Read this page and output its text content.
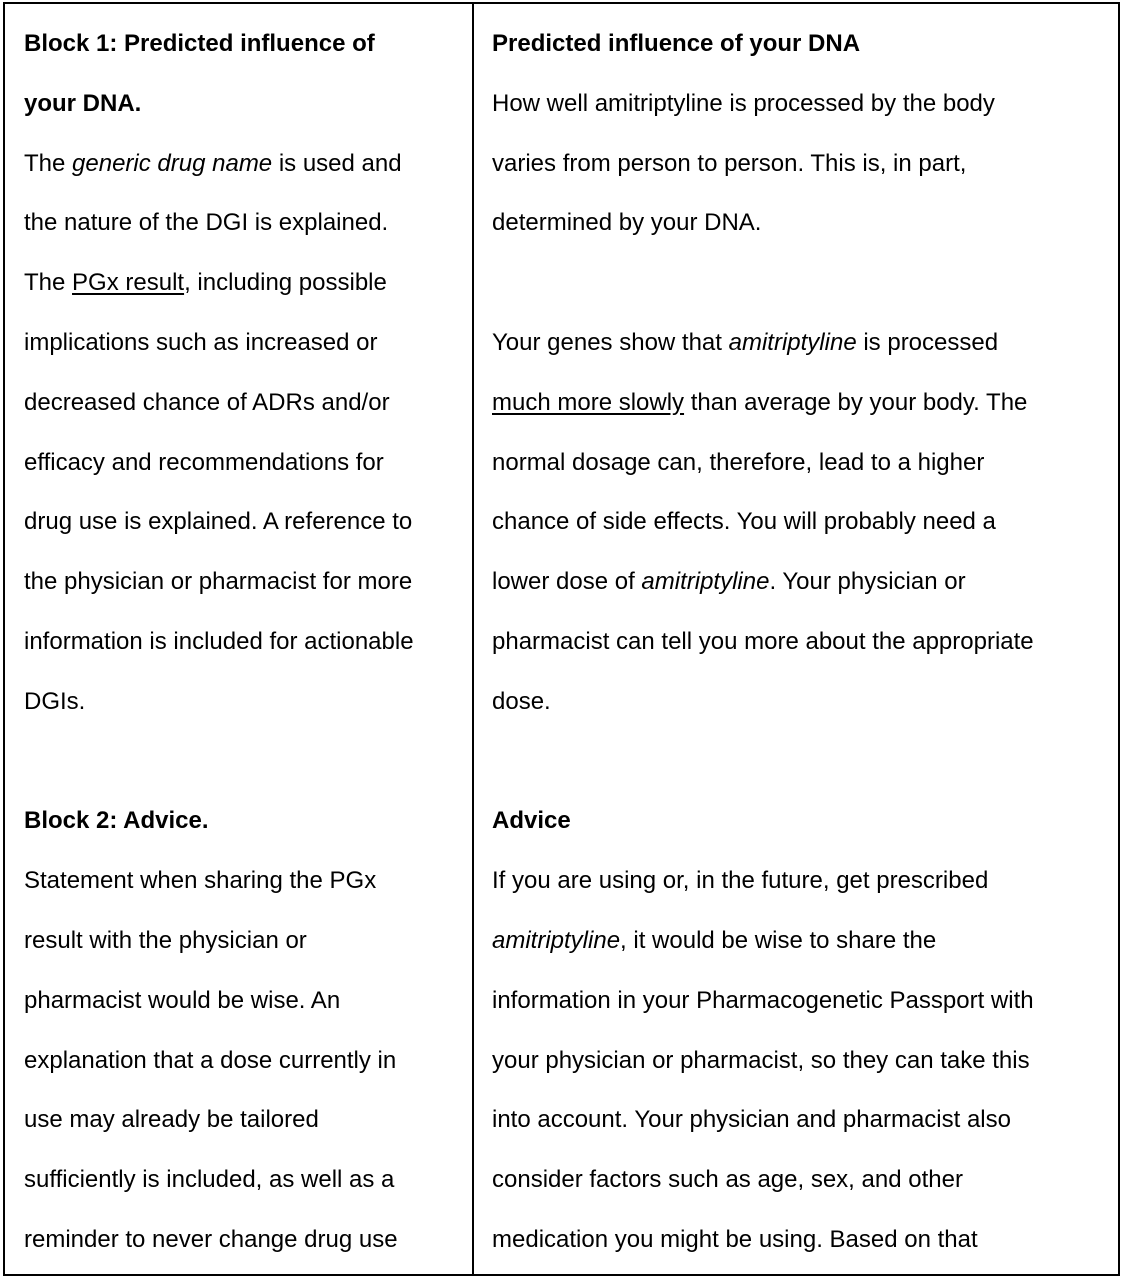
Block 1: Predicted influence of
your DNA.
The generic drug name is used and
the nature of the DGI is explained.
The PGx result, including possible
implications such as increased or
decreased chance of ADRs and/or
efficacy and recommendations for
drug use is explained. A reference to
the physician or pharmacist for more
information is included for actionable
DGIs.
Block 2: Advice.
Statement when sharing the PGx
result with the physician or
pharmacist would be wise. An
explanation that a dose currently in
use may already be tailored
sufficiently is included, as well as a
reminder to never change drug use
Predicted influence of your DNA
How well amitriptyline is processed by the body
varies from person to person. This is, in part,
determined by your DNA.
Your genes show that amitriptyline is processed
much more slowly than average by your body. The
normal dosage can, therefore, lead to a higher
chance of side effects. You will probably need a
lower dose of amitriptyline. Your physician or
pharmacist can tell you more about the appropriate
dose.
Advice
If you are using or, in the future, get prescribed
amitriptyline, it would be wise to share the
information in your Pharmacogenetic Passport with
your physician or pharmacist, so they can take this
into account. Your physician and pharmacist also
consider factors such as age, sex, and other
medication you might be using. Based on that
